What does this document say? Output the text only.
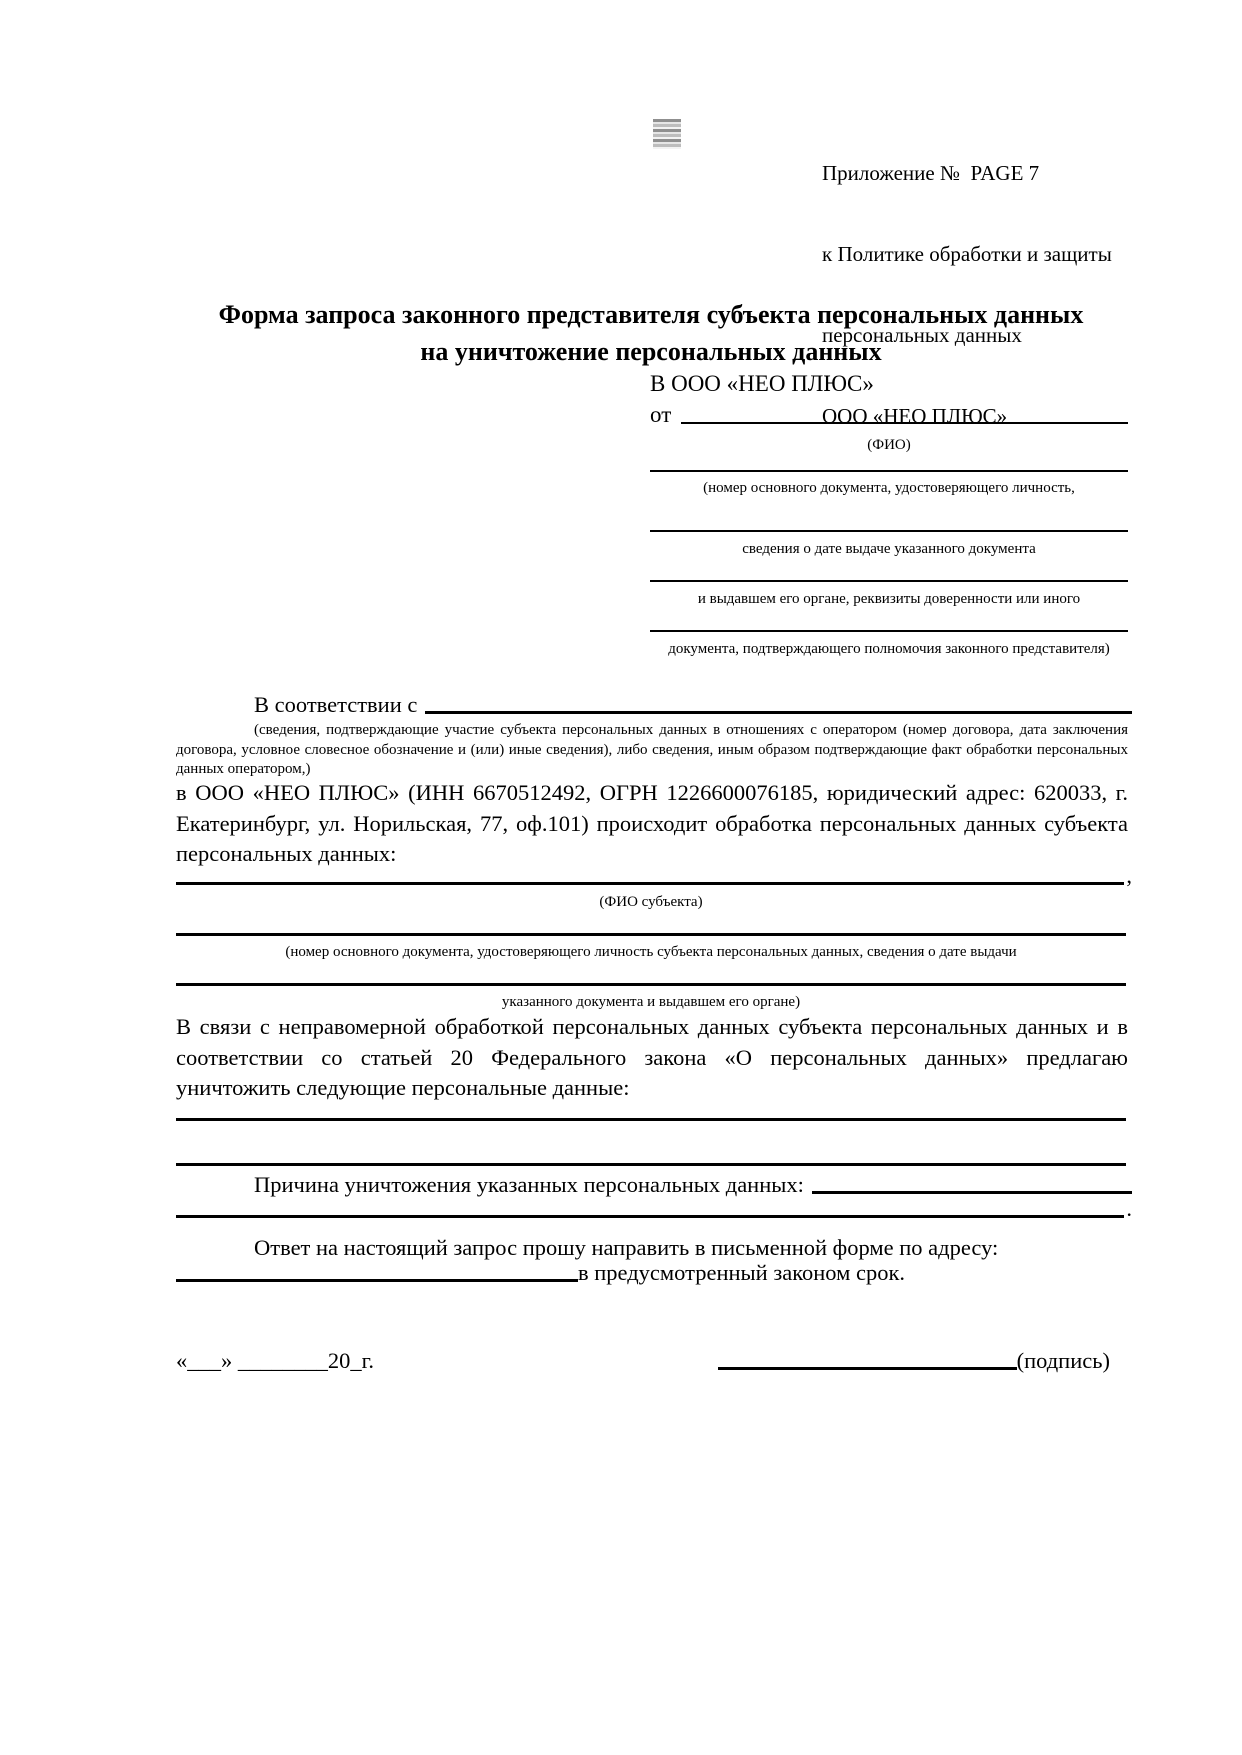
Приложение №  PAGE 7

к Политике обработки и защиты

персональных данных

ООО «НЕО ПЛЮС»

Форма запроса законного представителя субъекта персональных данных
на уничтожение персональных данных
В ООО «НЕО ПЛЮС»
от
(ФИО)
(номер основного документа, удостоверяющего личность,
сведения о дате выдаче указанного документа
и выдавшем его органе, реквизиты доверенности или иного
документа, подтверждающего полномочия законного представителя)
В соответствии с
(сведения, подтверждающие участие субъекта персональных данных в отношениях с оператором (номер договора, дата заключения договора, условное словесное обозначение и (или) иные сведения), либо сведения, иным образом подтверждающие факт обработки персональных данных оператором,)

в ООО «НЕО ПЛЮС» (ИНН 6670512492, ОГРН 1226600076185, юридический адрес: 620033, г. Екатеринбург, ул. Норильская, 77, оф.101) происходит обработка персональных данных субъекта персональных данных:

,
(ФИО субъекта)
(номер основного документа, удостоверяющего личность субъекта персональных данных, сведения о дате выдачи
указанного документа и выдавшем его органе)

В связи с неправомерной обработкой персональных данных субъекта персональных данных и в соответствии со статьей 20 Федерального закона «О персональных данных» предлагаю уничтожить следующие персональные данные:

Причина уничтожения указанных персональных данных:
.
Ответ на настоящий запрос прошу направить в письменной форме по адресу:
в предусмотренный законом срок.
«___» ________20_г.	(подпись)
